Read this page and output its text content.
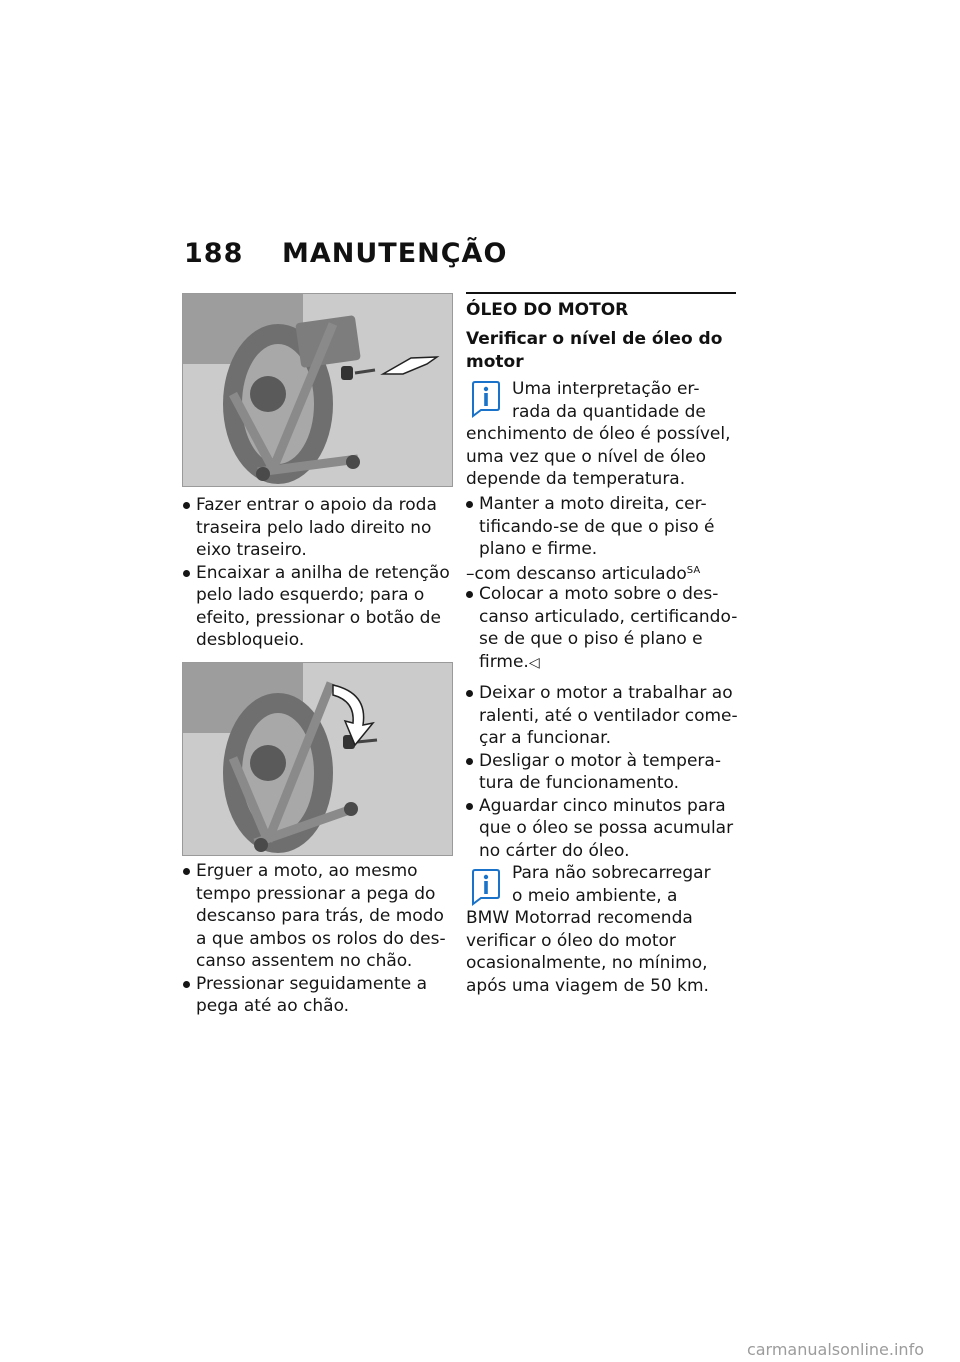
188 MANUTENÇÃO
Fazer entrar o apoio da roda
traseira pelo lado direito no
eixo traseiro.
Encaixar a anilha de retenção
pelo lado esquerdo; para o
efeito, pressionar o botão de
desbloqueio.
Erguer a moto, ao mesmo
tempo pressionar a pega do
descanso para trás, de modo
a que ambos os rolos do des-
canso assentem no chão.
Pressionar seguidamente a
pega até ao chão.
ÓLEO DO MOTOR
Verificar o nível de óleo do motor
Uma interpretação er-
rada da quantidade de
enchimento de óleo é possível,
uma vez que o nível de óleo
depende da temperatura.
Manter a moto direita, cer-
tificando-se de que o piso é
plano e firme.
–com descanso articulado$^{SA}$
Colocar a moto sobre o des-
canso articulado, certificando-
se de que o piso é plano e
firme.◁
Deixar o motor a trabalhar ao
ralenti, até o ventilador come-
çar a funcionar.
Desligar o motor à tempera-
tura de funcionamento.
Aguardar cinco minutos para
que o óleo se possa acumular
no cárter do óleo.
Para não sobrecarregar
o meio ambiente, a
BMW Motorrad recomenda
verificar o óleo do motor
ocasionalmente, no mínimo,
após uma viagem de 50 km.
carmanualsonline.info
